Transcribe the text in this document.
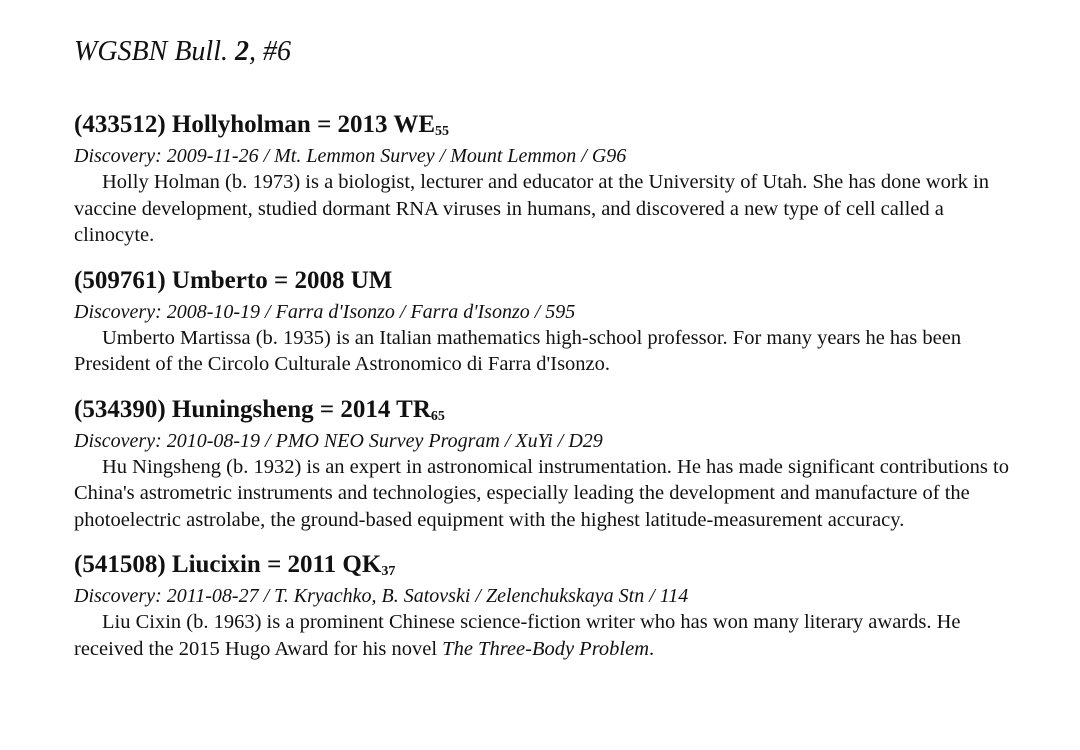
WGSBN Bull. 2, #6

(433512) Hollyholman = 2013 $WE_{55}$

Discovery: 2009-11-26 / Mt. Lemmon Survey / Mount Lemmon / G96

Holly Holman (b. 1973) is a biologist, lecturer and educator at the University of Utah. She has done work in vaccine development, studied dormant RNA viruses in humans, and discovered a new type of cell called a clinocyte.

(509761) Umberto = 2008 UM

Discovery: 2008-10-19 / Farra d'Isonzo / Farra d'Isonzo / 595

Umberto Martissa (b. 1935) is an Italian mathematics high-school professor. For many years he has been President of the Circolo Culturale Astronomico di Farra d'Isonzo.

(534390) Huningsheng = 2014 $TR_{65}$

Discovery: 2010-08-19 / PMO NEO Survey Program / XuYi / D29

Hu Ningsheng (b. 1932) is an expert in astronomical instrumentation. He has made significant contributions to China's astrometric instruments and technologies, especially leading the development and manufacture of the photoelectric astrolabe, the ground-based equipment with the highest latitude-measurement accuracy.

(541508) Liucixin = 2011 $QK_{37}$

Discovery: 2011-08-27 / T. Kryachko, B. Satovski / Zelenchukskaya Stn / 114

Liu Cixin (b. 1963) is a prominent Chinese science-fiction writer who has won many literary awards. He received the 2015 Hugo Award for his novel The Three-Body Problem.
